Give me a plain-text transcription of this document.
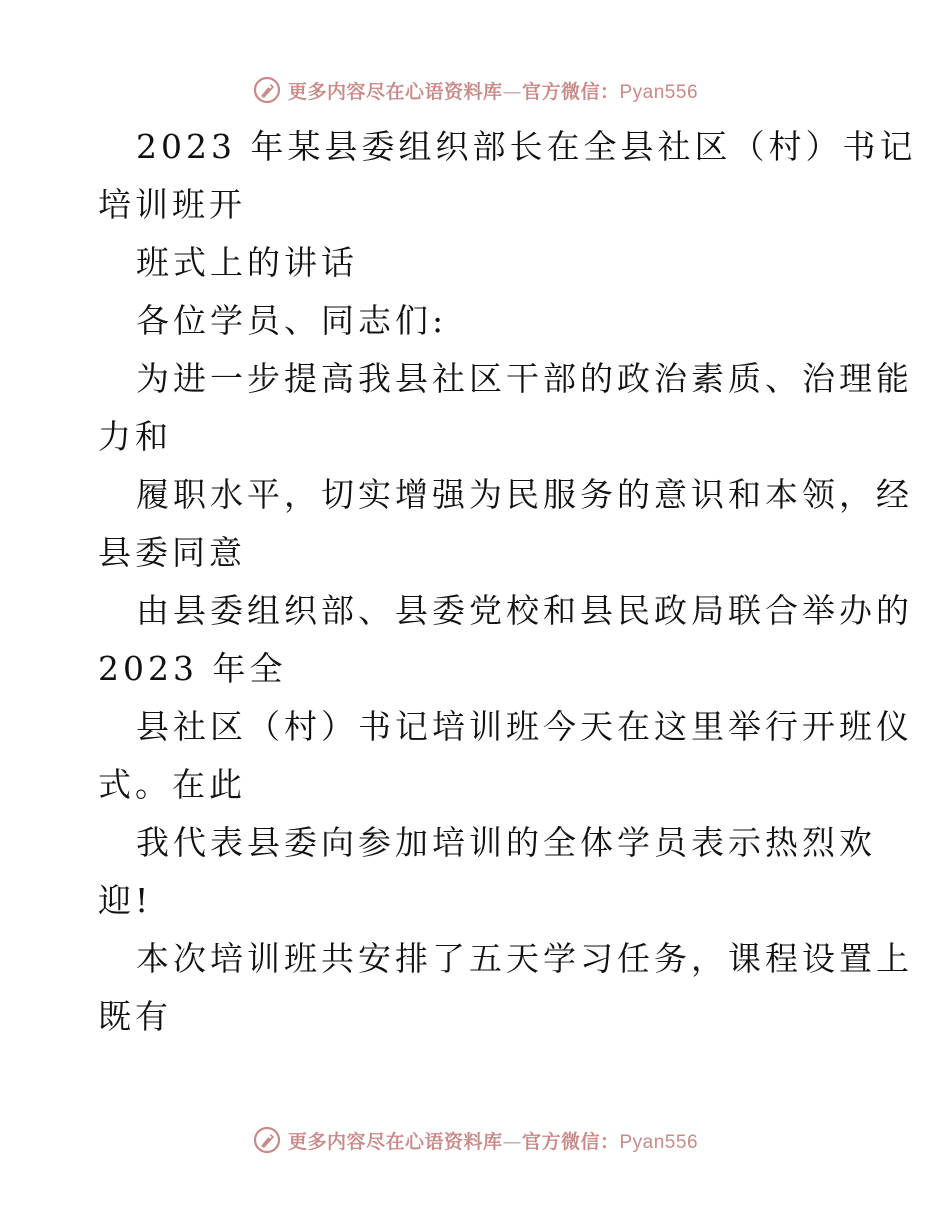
更多内容尽在心语资料库—官方微信：Pyan556
2023 年某县委组织部长在全县社区（村）书记
培训班开
班式上的讲话
各位学员、同志们:
为进一步提高我县社区干部的政治素质、治理能
力和
履职水平，切实增强为民服务的意识和本领，经
县委同意
由县委组织部、县委党校和县民政局联合举办的
2023 年全
县社区（村）书记培训班今天在这里举行开班仪
式。在此
我代表县委向参加培训的全体学员表示热烈欢
迎!
本次培训班共安排了五天学习任务，课程设置上
既有
更多内容尽在心语资料库—官方微信：Pyan556
